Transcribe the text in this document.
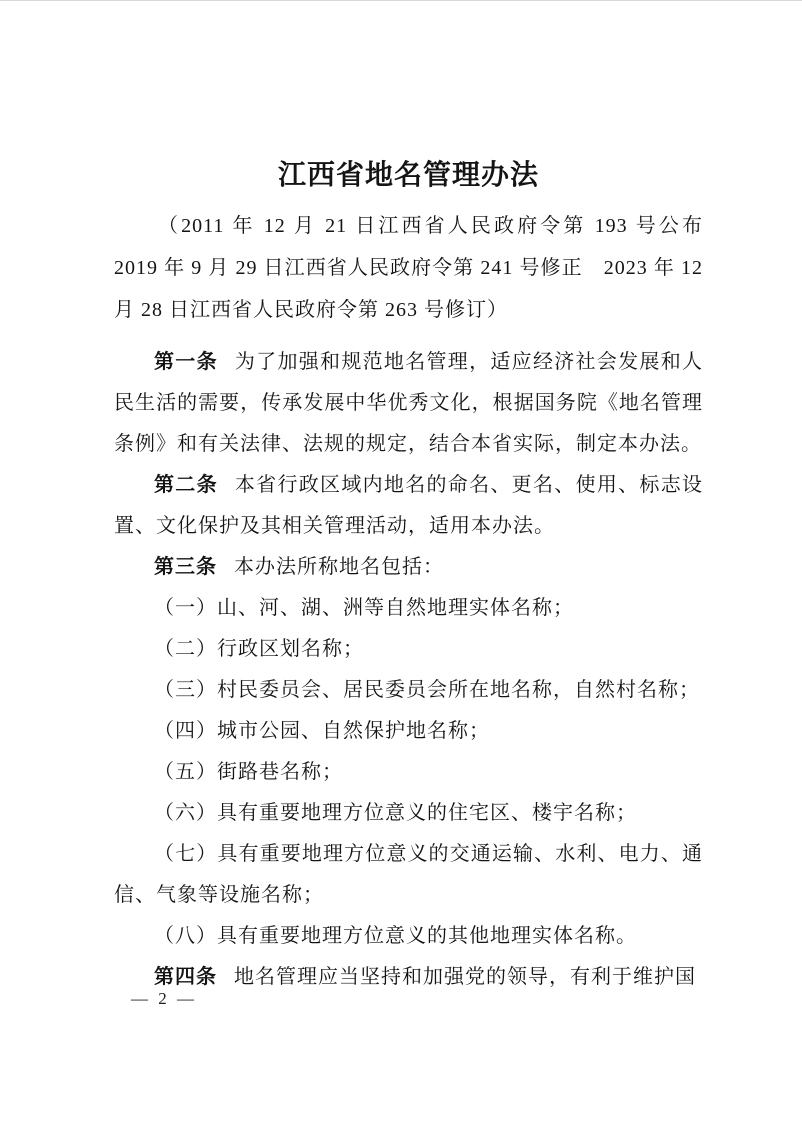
江西省地名管理办法

（2011 年 12 月 21 日江西省人民政府令第 193 号公布　2019 年 9 月 29 日江西省人民政府令第 241 号修正　2023 年 12 月 28 日江西省人民政府令第 263 号修订）

第一条 为了加强和规范地名管理，适应经济社会发展和人民生活的需要，传承发展中华优秀文化，根据国务院《地名管理条例》和有关法律、法规的规定，结合本省实际，制定本办法。

第二条 本省行政区域内地名的命名、更名、使用、标志设置、文化保护及其相关管理活动，适用本办法。

第三条 本办法所称地名包括：

（一）山、河、湖、洲等自然地理实体名称；

（二）行政区划名称；

（三）村民委员会、居民委员会所在地名称，自然村名称；

（四）城市公园、自然保护地名称；

（五）街路巷名称；

（六）具有重要地理方位意义的住宅区、楼宇名称；

（七）具有重要地理方位意义的交通运输、水利、电力、通信、气象等设施名称；

（八）具有重要地理方位意义的其他地理实体名称。

第四条 地名管理应当坚持和加强党的领导，有利于维护国

— 2 —
